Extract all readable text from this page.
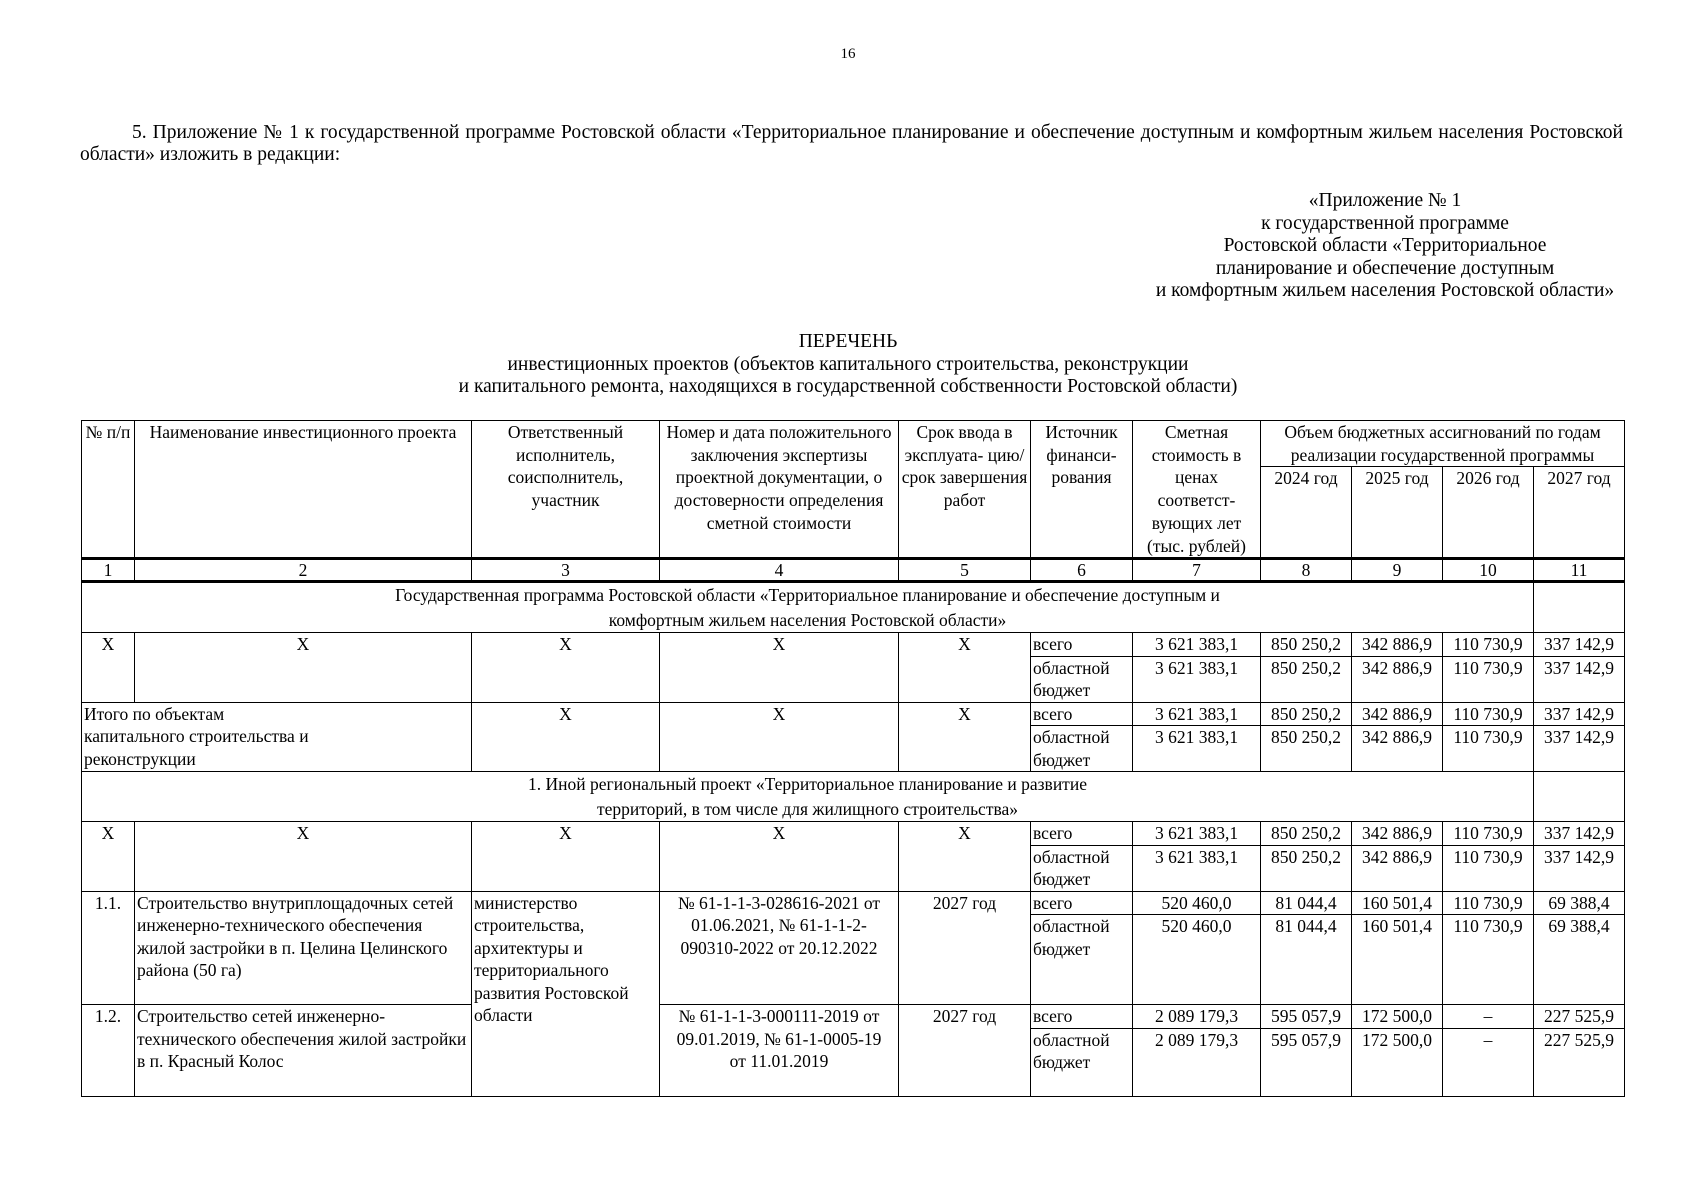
16
5. Приложение № 1 к государственной программе Ростовской области «Территориальное планирование и обеспечение доступным и комфортным жильем населения Ростовской области» изложить в редакции:
«Приложение № 1
к государственной программе
Ростовской области «Территориальное
планирование и обеспечение доступным
и комфортным жильем населения Ростовской области»
ПЕРЕЧЕНЬ
инвестиционных проектов (объектов капитального строительства, реконструкции
и капитального ремонта, находящихся в государственной собственности Ростовской области)
№ п/п	Наименование инвестиционного проекта	Ответственный исполнитель, соисполнитель, участник	Номер и дата положительного заключения экспертизы проектной документации, о достоверности определения сметной стоимости	Срок ввода в эксплуата- цию/ срок завершения работ	Источник финанси- рования	Сметная стоимость в ценах соответст- вующих лет (тыс. рублей)	Объем бюджетных ассигнований по годам реализации государственной программы			
							2024 год	2025 год	2026 год	2027 год
1	2	3	4	5	6	7	8	9	10	11
Государственная программа Ростовской области «Территориальное планирование и обеспечение доступным и комфортным жильем населения Ростовской области»										
Х	Х	Х	Х	Х	всего	3 621 383,1	850 250,2	342 886,9	110 730,9	337 142,9
					областной бюджет	3 621 383,1	850 250,2	342 886,9	110 730,9	337 142,9
Итого по объектам капитального строительства и реконструкции		Х	Х	Х	всего	3 621 383,1	850 250,2	342 886,9	110 730,9	337 142,9
					областной бюджет	3 621 383,1	850 250,2	342 886,9	110 730,9	337 142,9
1. Иной региональный проект «Территориальное планирование и развитие территорий, в том числе для жилищного строительства»										
Х	Х	Х	Х	Х	всего	3 621 383,1	850 250,2	342 886,9	110 730,9	337 142,9
					областной бюджет	3 621 383,1	850 250,2	342 886,9	110 730,9	337 142,9
1.1.	Строительство внутриплощадочных сетей инженерно-технического обеспечения жилой застройки в п. Целина Целинского района (50 га)	министерство строительства, архитектуры и территориального развития Ростовской области	№ 61-1-1-3-028616-2021 от 01.06.2021, № 61-1-1-2-090310-2022 от 20.12.2022	2027 год	всего	520 460,0	81 044,4	160 501,4	110 730,9	69 388,4
					областной бюджет	520 460,0	81 044,4	160 501,4	110 730,9	69 388,4
1.2.	Строительство сетей инженерно-технического обеспечения жилой застройки в п. Красный Колос		№ 61-1-1-3-000111-2019 от 09.01.2019, № 61-1-0005-19 от 11.01.2019	2027 год	всего	2 089 179,3	595 057,9	172 500,0	–	227 525,9
					областной бюджет	2 089 179,3	595 057,9	172 500,0	–	227 525,9
